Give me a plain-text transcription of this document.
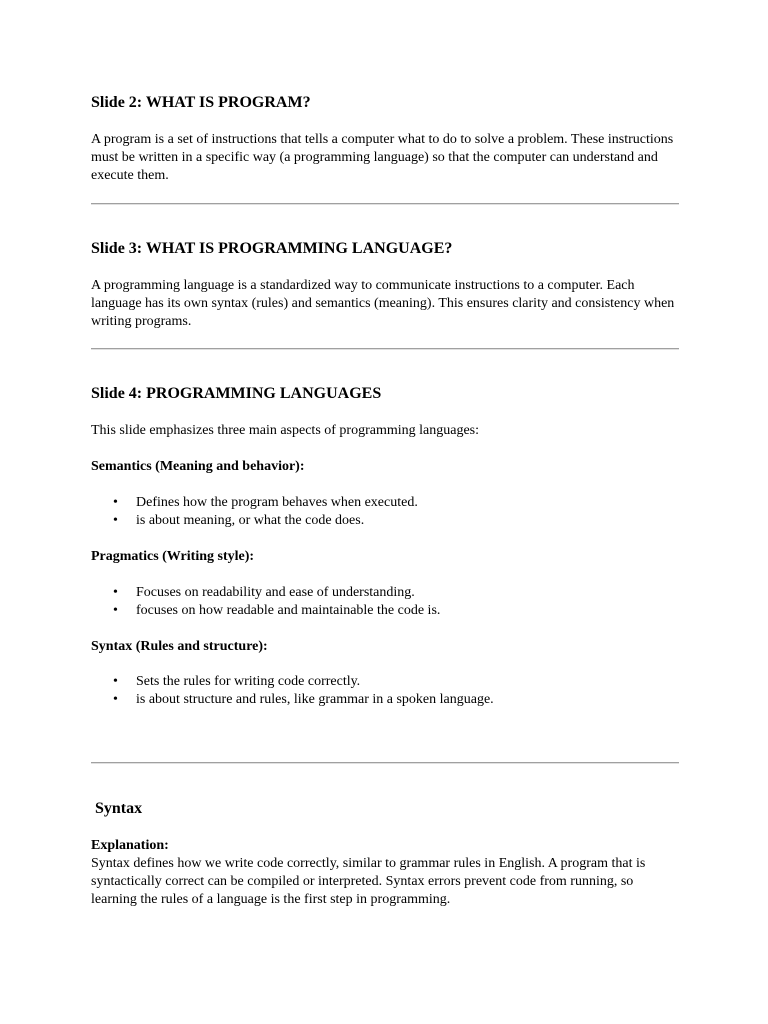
Slide 2: WHAT IS PROGRAM?

A program is a set of instructions that tells a computer what to do to solve a problem. These instructions must be written in a specific way (a programming language) so that the computer can understand and execute them.

Slide 3: WHAT IS PROGRAMMING LANGUAGE?

A programming language is a standardized way to communicate instructions to a computer. Each language has its own syntax (rules) and semantics (meaning). This ensures clarity and consistency when writing programs.

Slide 4: PROGRAMMING LANGUAGES

This slide emphasizes three main aspects of programming languages:

Semantics (Meaning and behavior):

• Defines how the program behaves when executed.
• is about meaning, or what the code does.

Pragmatics (Writing style):

• Focuses on readability and ease of understanding.
• focuses on how readable and maintainable the code is.

Syntax (Rules and structure):

• Sets the rules for writing code correctly.
• is about structure and rules, like grammar in a spoken language.
Syntax

Explanation:

Syntax defines how we write code correctly, similar to grammar rules in English. A program that is syntactically correct can be compiled or interpreted. Syntax errors prevent code from running, so learning the rules of a language is the first step in programming.
